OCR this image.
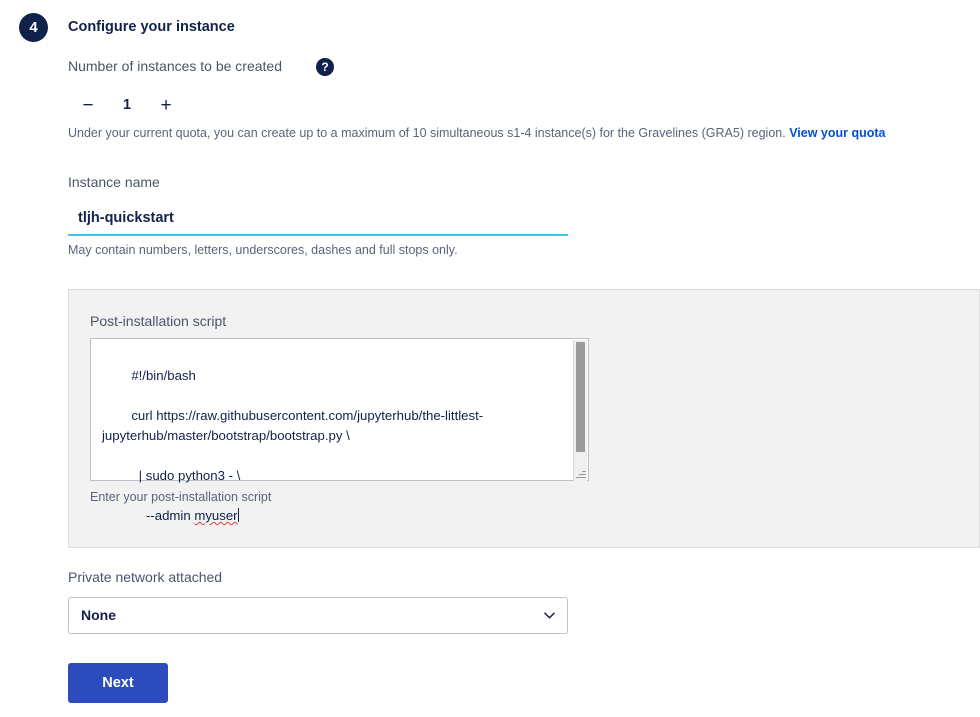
4	Configure your instance
Number of instances to be created	?
−	1	+
Under your current quota, you can create up to a maximum of 10 simultaneous s1-4 instance(s) for the Gravelines (GRA5) region. View your quota
Instance name
tljh-quickstart
May contain numbers, letters, underscores, dashes and full stops only.
Post-installation script

#!/bin/bash

curl https://raw.githubusercontent.com/jupyterhub/the-littlest-jupyterhub/master/bootstrap/bootstrap.py \

| sudo python3 - \

--admin myuser

Enter your post-installation script
Private network attached
None
Next
